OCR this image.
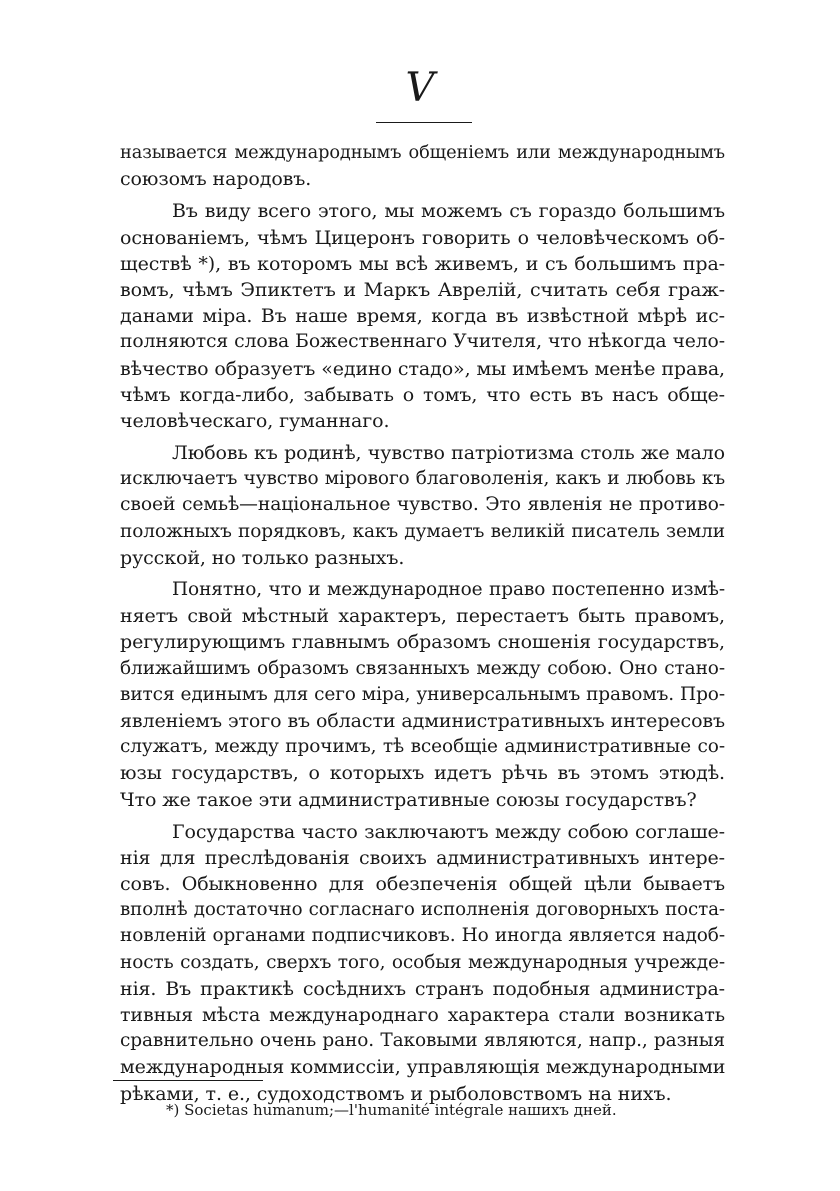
V
называется международнымъ общеніемъ или международнымъ
союзомъ народовъ.
Въ виду всего этого, мы можемъ съ гораздо большимъ
основаніемъ, чѣмъ Цицеронъ говорить о человѣческомъ об-
ществѣ *), въ которомъ мы всѣ живемъ, и съ большимъ пра-
вомъ, чѣмъ Эпиктетъ и Маркъ Аврелій, считать себя граж-
данами міра. Въ наше время, когда въ извѣстной мѣрѣ ис-
полняются слова Божественнаго Учителя, что нѣкогда чело-
вѣчество образуетъ «едино стадо», мы имѣемъ менѣе права,
чѣмъ когда-либо, забывать о томъ, что есть въ насъ обще-
человѣческаго, гуманнаго.
Любовь къ родинѣ, чувство патріотизма столь же мало
исключаетъ чувство мірового благоволенія, какъ и любовь къ
своей семьѣ—національное чувство. Это явленія не противо-
положныхъ порядковъ, какъ думаетъ великій писатель земли
русской, но только разныхъ.
Понятно, что и международное право постепенно измѣ-
няетъ свой мѣстный характеръ, перестаетъ быть правомъ,
регулирующимъ главнымъ образомъ сношенія государствъ,
ближайшимъ образомъ связанныхъ между собою. Оно стано-
вится единымъ для сего міра, универсальнымъ правомъ. Про-
явленіемъ этого въ области административныхъ интересовъ
служатъ, между прочимъ, тѣ всеобщіе административные со-
юзы государствъ, о которыхъ идетъ рѣчь въ этомъ этюдѣ.
Что же такое эти административные союзы государствъ?
Государства часто заключаютъ между собою соглаше-
нія для преслѣдованія своихъ административныхъ интере-
совъ. Обыкновенно для обезпеченія общей цѣли бываетъ
вполнѣ достаточно согласнаго исполненія договорныхъ поста-
новленій органами подписчиковъ. Но иногда является надоб-
ность создать, сверхъ того, особыя международныя учрежде-
нія. Въ практикѣ сосѣднихъ странъ подобныя администра-
тивныя мѣста международнаго характера стали возникать
сравнительно очень рано. Таковыми являются, напр., разныя
международныя коммиссіи, управляющія международными
рѣками, т. е., судоходствомъ и рыболовствомъ на нихъ.
*) Societas humanum;—l'humanité intégrale нашихъ дней.
